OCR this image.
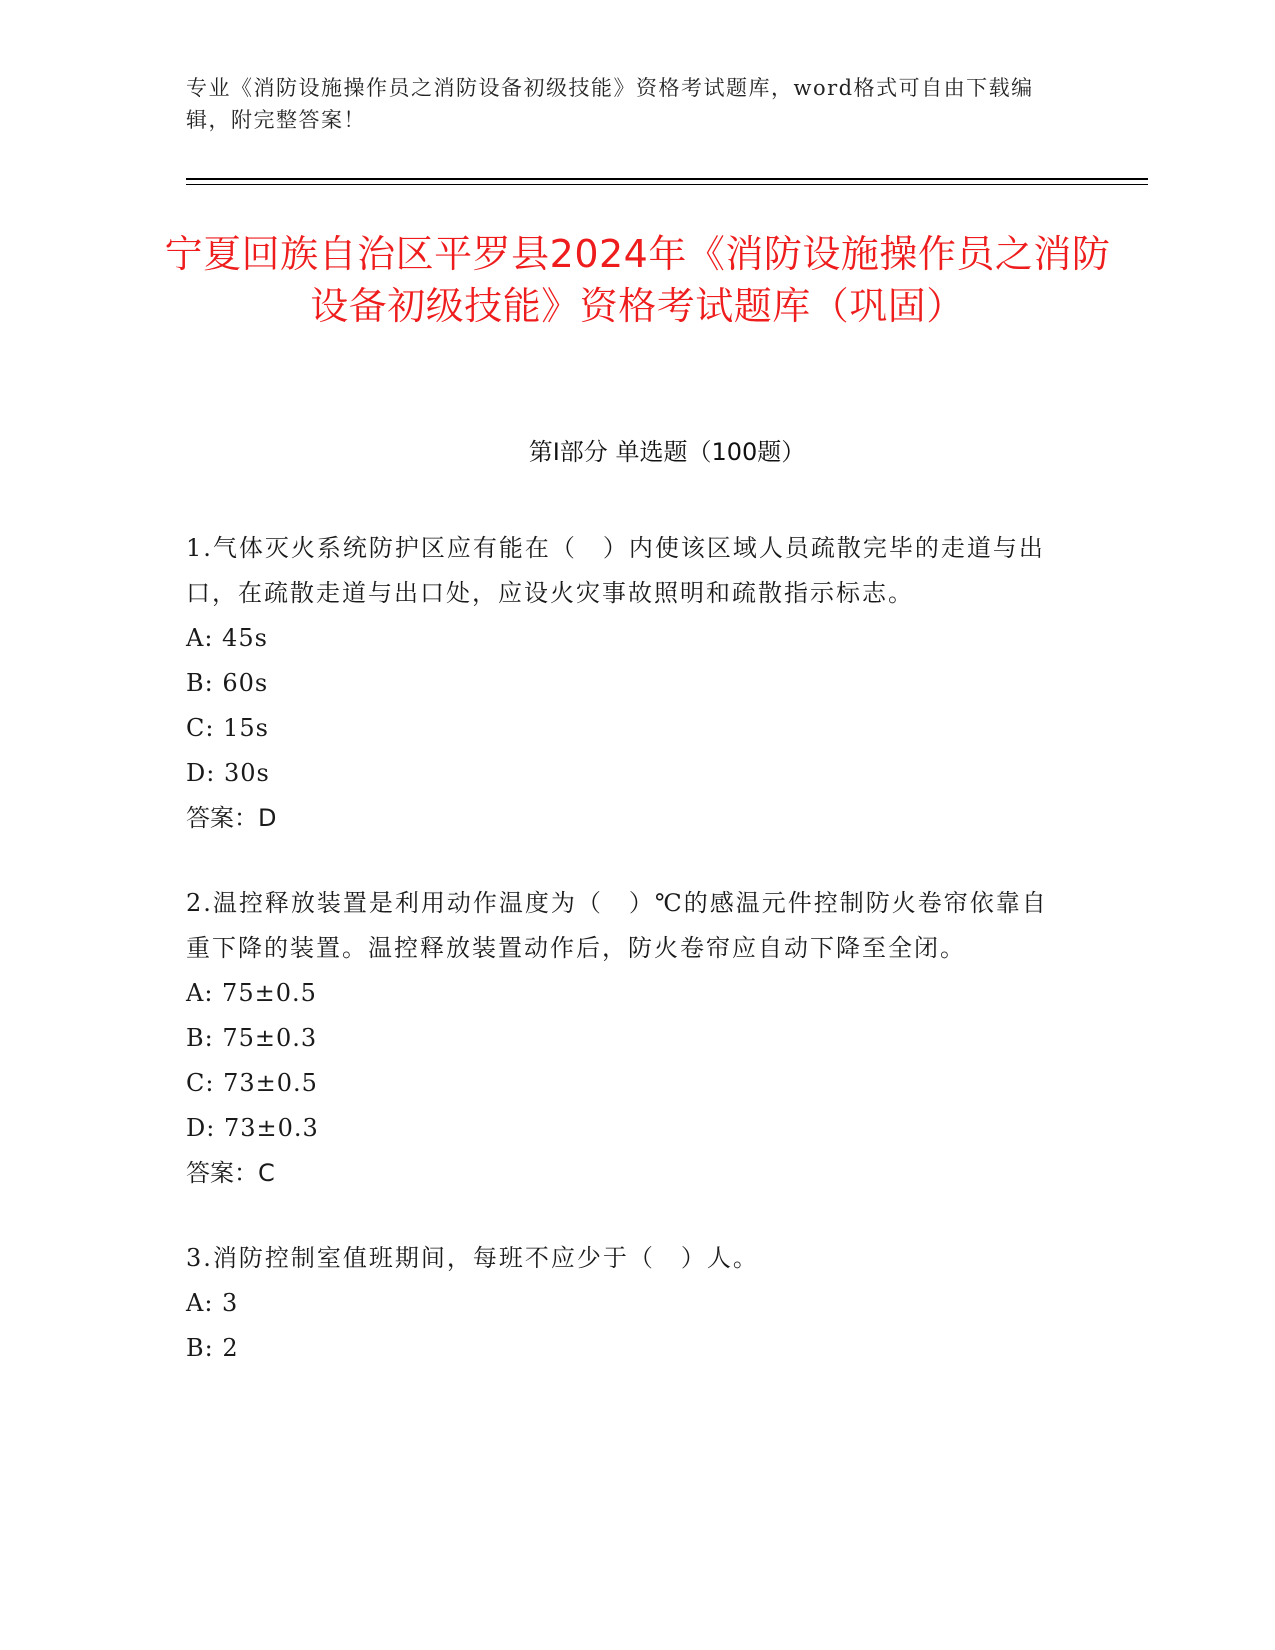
专业《消防设施操作员之消防设备初级技能》资格考试题库，word格式可自由下载编辑，附完整答案！
宁夏回族自治区平罗县2024年《消防设施操作员之消防设备初级技能》资格考试题库（巩固）
第I部分 单选题（100题）

1.气体灭火系统防护区应有能在（　）内使该区域人员疏散完毕的走道与出口，在疏散走道与出口处，应设火灾事故照明和疏散指示标志。

A: 45s

B: 60s

C: 15s

D: 30s

答案：D

2.温控释放装置是利用动作温度为（　）℃的感温元件控制防火卷帘依靠自重下降的装置。温控释放装置动作后，防火卷帘应自动下降至全闭。

A: 75±0.5

B: 75±0.3

C: 73±0.5

D: 73±0.3

答案：C

3.消防控制室值班期间，每班不应少于（　）人。

A: 3

B: 2
